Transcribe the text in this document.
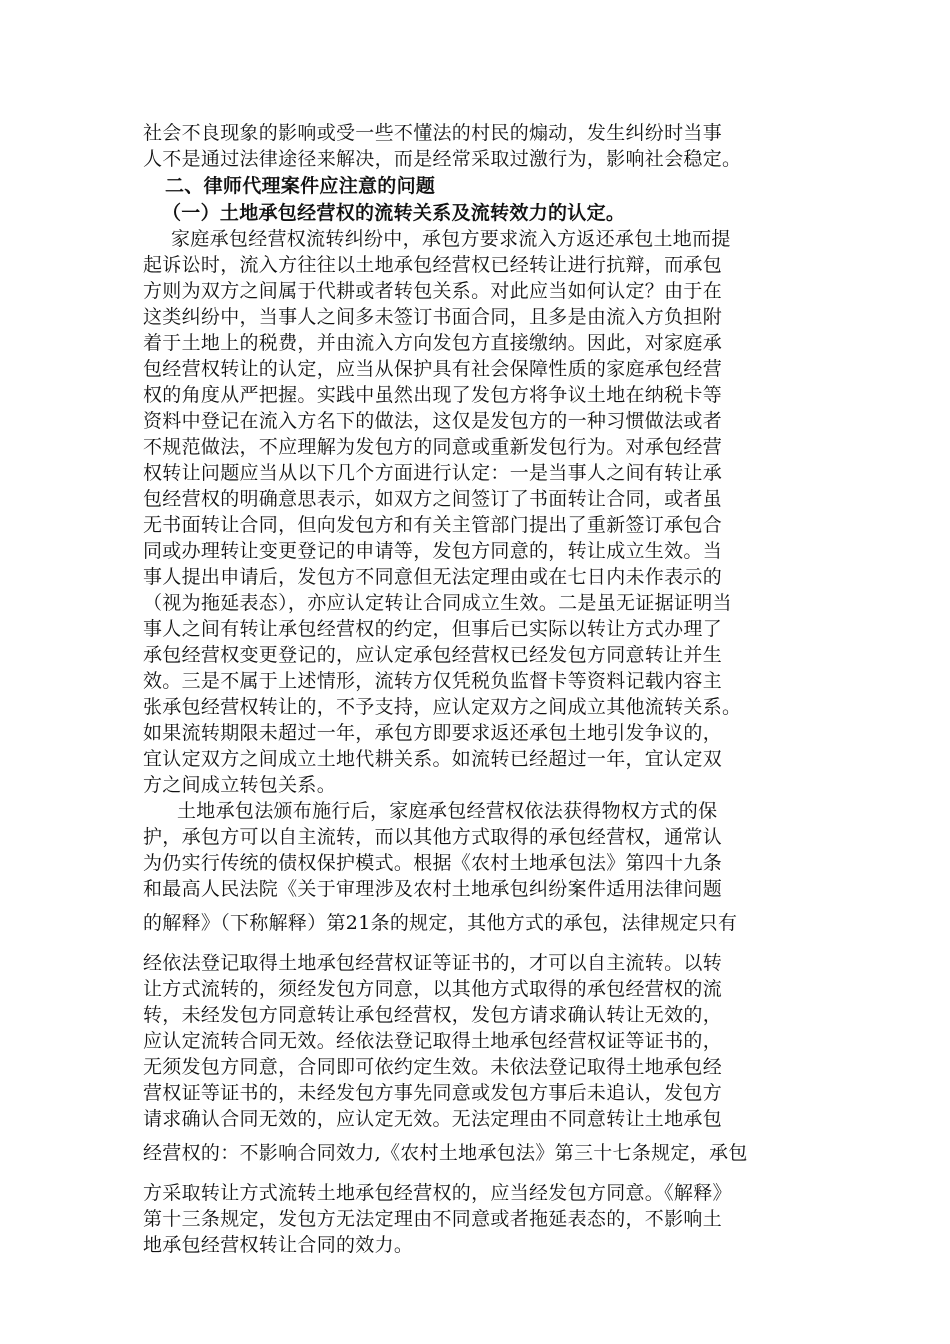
社会不良现象的影响或受一些不懂法的村民的煽动，发生纠纷时当事
人不是通过法律途径来解决，而是经常采取过激行为，影响社会稳定。
二、律师代理案件应注意的问题
（一）土地承包经营权的流转关系及流转效力的认定。
家庭承包经营权流转纠纷中，承包方要求流入方返还承包土地而提
起诉讼时，流入方往往以土地承包经营权已经转让进行抗辩，而承包
方则为双方之间属于代耕或者转包关系。对此应当如何认定？由于在
这类纠纷中，当事人之间多未签订书面合同，且多是由流入方负担附
着于土地上的税费，并由流入方向发包方直接缴纳。因此，对家庭承
包经营权转让的认定，应当从保护具有社会保障性质的家庭承包经营
权的角度从严把握。实践中虽然出现了发包方将争议土地在纳税卡等
资料中登记在流入方名下的做法，这仅是发包方的一种习惯做法或者
不规范做法，不应理解为发包方的同意或重新发包行为。对承包经营
权转让问题应当从以下几个方面进行认定：一是当事人之间有转让承
包经营权的明确意思表示，如双方之间签订了书面转让合同，或者虽
无书面转让合同，但向发包方和有关主管部门提出了重新签订承包合
同或办理转让变更登记的申请等，发包方同意的，转让成立生效。当
事人提出申请后，发包方不同意但无法定理由或在七日内未作表示的
（视为拖延表态），亦应认定转让合同成立生效。二是虽无证据证明当
事人之间有转让承包经营权的约定，但事后已实际以转让方式办理了
承包经营权变更登记的，应认定承包经营权已经发包方同意转让并生
效。三是不属于上述情形，流转方仅凭税负监督卡等资料记载内容主
张承包经营权转让的，不予支持，应认定双方之间成立其他流转关系。
如果流转期限未超过一年，承包方即要求返还承包土地引发争议的，
宜认定双方之间成立土地代耕关系。如流转已经超过一年，宜认定双
方之间成立转包关系。
土地承包法颁布施行后，家庭承包经营权依法获得物权方式的保
护，承包方可以自主流转，而以其他方式取得的承包经营权，通常认
为仍实行传统的债权保护模式。根据《农村土地承包法》第四十九条
和最高人民法院《关于审理涉及农村土地承包纠纷案件适用法律问题
的解释》（下称解释）第21条的规定，其他方式的承包，法律规定只有
经依法登记取得土地承包经营权证等证书的，才可以自主流转。以转
让方式流转的，须经发包方同意，以其他方式取得的承包经营权的流
转，未经发包方同意转让承包经营权，发包方请求确认转让无效的，
应认定流转合同无效。经依法登记取得土地承包经营权证等证书的，
无须发包方同意，合同即可依约定生效。未依法登记取得土地承包经
营权证等证书的，未经发包方事先同意或发包方事后未追认，发包方
请求确认合同无效的，应认定无效。无法定理由不同意转让土地承包
经营权的：不影响合同效力,《农村土地承包法》第三十七条规定，承包
方采取转让方式流转土地承包经营权的，应当经发包方同意。《解释》
第十三条规定，发包方无法定理由不同意或者拖延表态的，不影响土
地承包经营权转让合同的效力。
